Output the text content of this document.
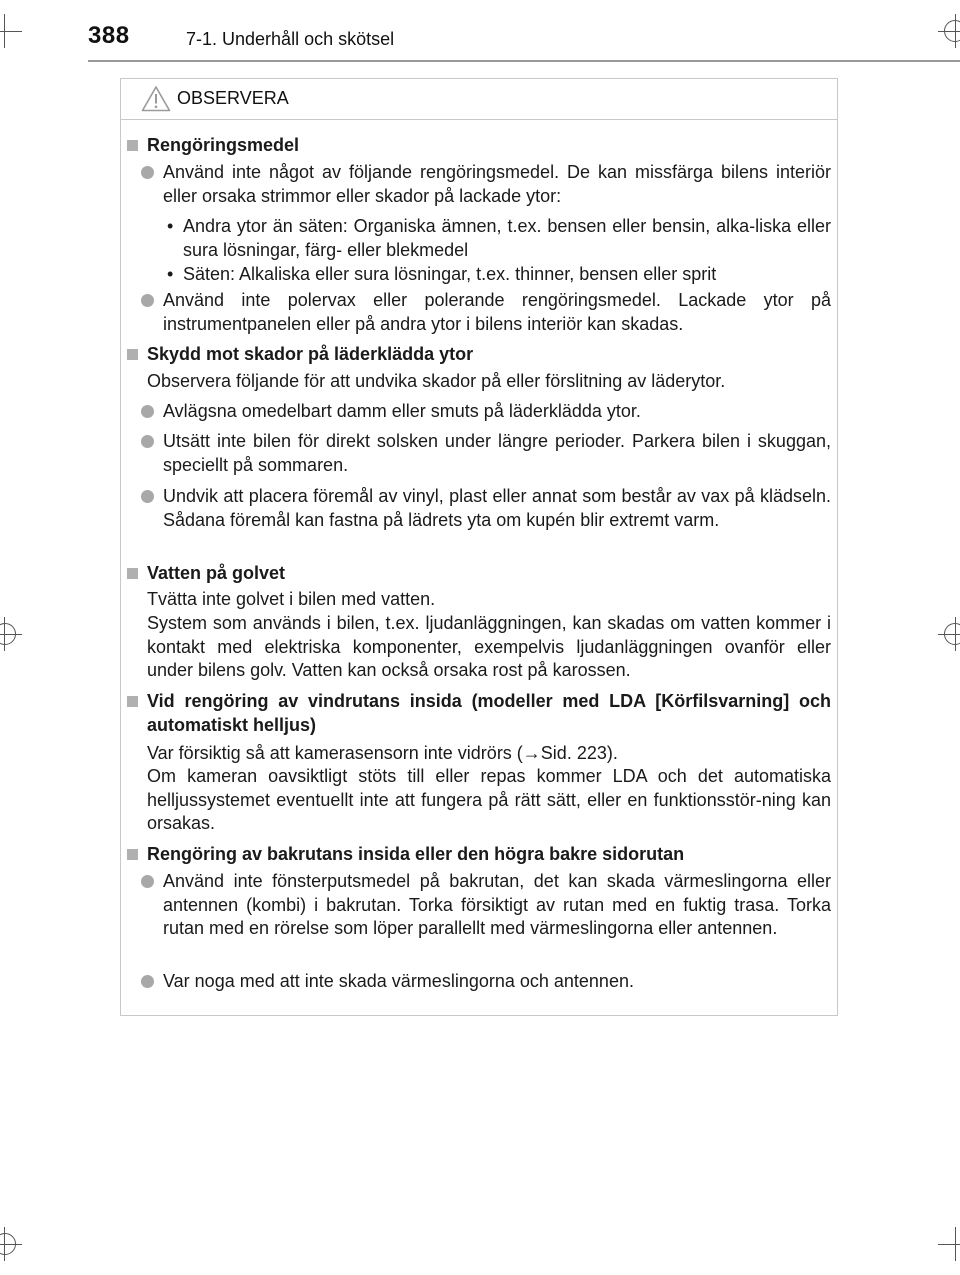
388	7-1. Underhåll och skötsel
OBSERVERA
Rengöringsmedel
Använd inte något av följande rengöringsmedel. De kan missfärga bilens interiör eller orsaka strimmor eller skador på lackade ytor:
• Andra ytor än säten: Organiska ämnen, t.ex. bensen eller bensin, alka-liska eller sura lösningar, färg- eller blekmedel
• Säten: Alkaliska eller sura lösningar, t.ex. thinner, bensen eller sprit
Använd inte polervax eller polerande rengöringsmedel. Lackade ytor på instrumentpanelen eller på andra ytor i bilens interiör kan skadas.
Skydd mot skador på läderklädda ytor
Observera följande för att undvika skador på eller förslitning av läderytor.
Avlägsna omedelbart damm eller smuts på läderklädda ytor.
Utsätt inte bilen för direkt solsken under längre perioder. Parkera bilen i skuggan, speciellt på sommaren.
Undvik att placera föremål av vinyl, plast eller annat som består av vax på klädseln. Sådana föremål kan fastna på lädrets yta om kupén blir extremt varm.
Vatten på golvet
Tvätta inte golvet i bilen med vatten.
System som används i bilen, t.ex. ljudanläggningen, kan skadas om vatten kommer i kontakt med elektriska komponenter, exempelvis ljudanläggningen ovanför eller under bilens golv. Vatten kan också orsaka rost på karossen.
Vid rengöring av vindrutans insida (modeller med LDA [Körfilsvarning] och automatiskt helljus)
Var försiktig så att kamerasensorn inte vidrörs (→Sid. 223).
Om kameran oavsiktligt stöts till eller repas kommer LDA och det automatiska helljussystemet eventuellt inte att fungera på rätt sätt, eller en funktionsstör-ning kan orsakas.
Rengöring av bakrutans insida eller den högra bakre sidorutan
Använd inte fönsterputsmedel på bakrutan, det kan skada värmeslingorna eller antennen (kombi) i bakrutan. Torka försiktigt av rutan med en fuktig trasa. Torka rutan med en rörelse som löper parallellt med värmeslingorna eller antennen.
Var noga med att inte skada värmeslingorna och antennen.
